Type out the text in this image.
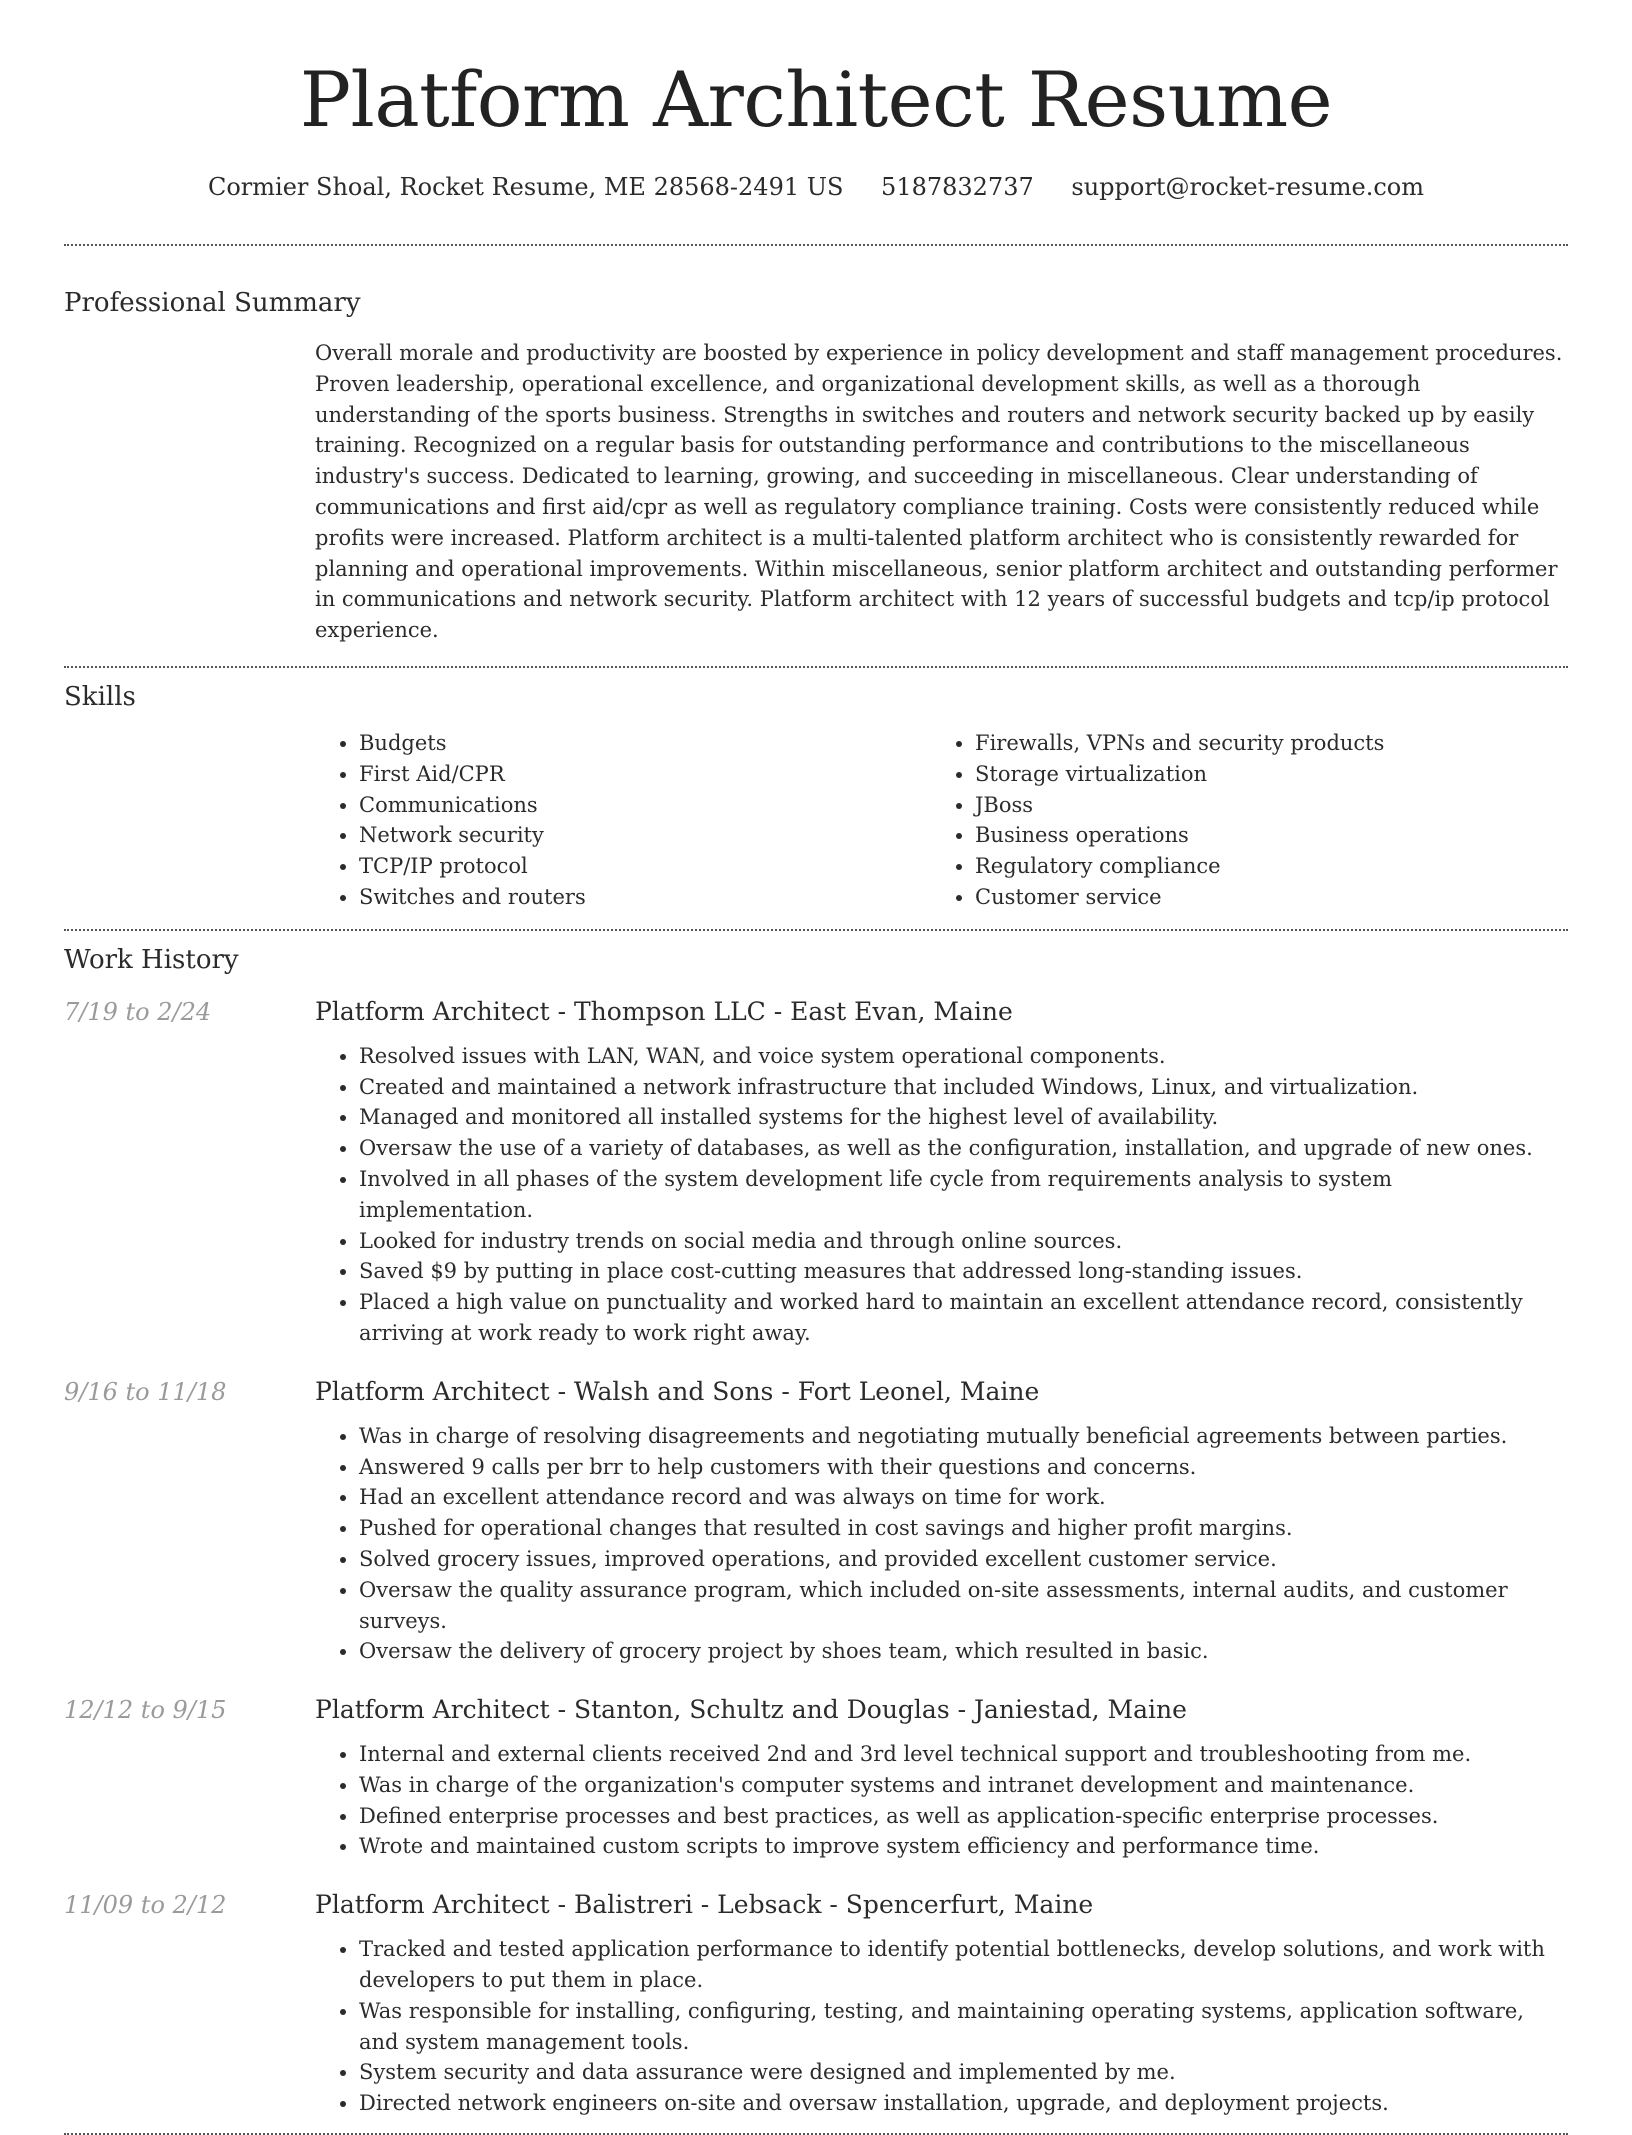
Platform Architect Resume
Cormier Shoal, Rocket Resume, ME 28568-2491 US 5187832737 support@rocket-resume.com
Professional Summary

Overall morale and productivity are boosted by experience in policy development and staff management procedures. Proven leadership, operational excellence, and organizational development skills, as well as a thorough understanding of the sports business. Strengths in switches and routers and network security backed up by easily training. Recognized on a regular basis for outstanding performance and contributions to the miscellaneous industry's success. Dedicated to learning, growing, and succeeding in miscellaneous. Clear understanding of communications and first aid/cpr as well as regulatory compliance training. Costs were consistently reduced while profits were increased. Platform architect is a multi-talented platform architect who is consistently rewarded for planning and operational improvements. Within miscellaneous, senior platform architect and outstanding performer in communications and network security. Platform architect with 12 years of successful budgets and tcp/ip protocol experience.

Skills
• Budgets
• First Aid/CPR
• Communications
• Network security
• TCP/IP protocol
• Switches and routers
• Firewalls, VPNs and security products
• Storage virtualization
• JBoss
• Business operations
• Regulatory compliance
• Customer service
Work History
7/19 to 2/24	Platform Architect - Thompson LLC - East Evan, Maine
• Resolved issues with LAN, WAN, and voice system operational components.
• Created and maintained a network infrastructure that included Windows, Linux, and virtualization.
• Managed and monitored all installed systems for the highest level of availability.
• Oversaw the use of a variety of databases, as well as the configuration, installation, and upgrade of new ones.
• Involved in all phases of the system development life cycle from requirements analysis to system implementation.
• Looked for industry trends on social media and through online sources.
• Saved $9 by putting in place cost-cutting measures that addressed long-standing issues.
• Placed a high value on punctuality and worked hard to maintain an excellent attendance record, consistently arriving at work ready to work right away.
9/16 to 11/18	Platform Architect - Walsh and Sons - Fort Leonel, Maine
• Was in charge of resolving disagreements and negotiating mutually beneficial agreements between parties.
• Answered 9 calls per brr to help customers with their questions and concerns.
• Had an excellent attendance record and was always on time for work.
• Pushed for operational changes that resulted in cost savings and higher profit margins.
• Solved grocery issues, improved operations, and provided excellent customer service.
• Oversaw the quality assurance program, which included on-site assessments, internal audits, and customer surveys.
• Oversaw the delivery of grocery project by shoes team, which resulted in basic.
12/12 to 9/15	Platform Architect - Stanton, Schultz and Douglas - Janiestad, Maine
• Internal and external clients received 2nd and 3rd level technical support and troubleshooting from me.
• Was in charge of the organization's computer systems and intranet development and maintenance.
• Defined enterprise processes and best practices, as well as application-specific enterprise processes.
• Wrote and maintained custom scripts to improve system efficiency and performance time.
11/09 to 2/12	Platform Architect - Balistreri - Lebsack - Spencerfurt, Maine
• Tracked and tested application performance to identify potential bottlenecks, develop solutions, and work with developers to put them in place.
• Was responsible for installing, configuring, testing, and maintaining operating systems, application software, and system management tools.
• System security and data assurance were designed and implemented by me.
• Directed network engineers on-site and oversaw installation, upgrade, and deployment projects.
